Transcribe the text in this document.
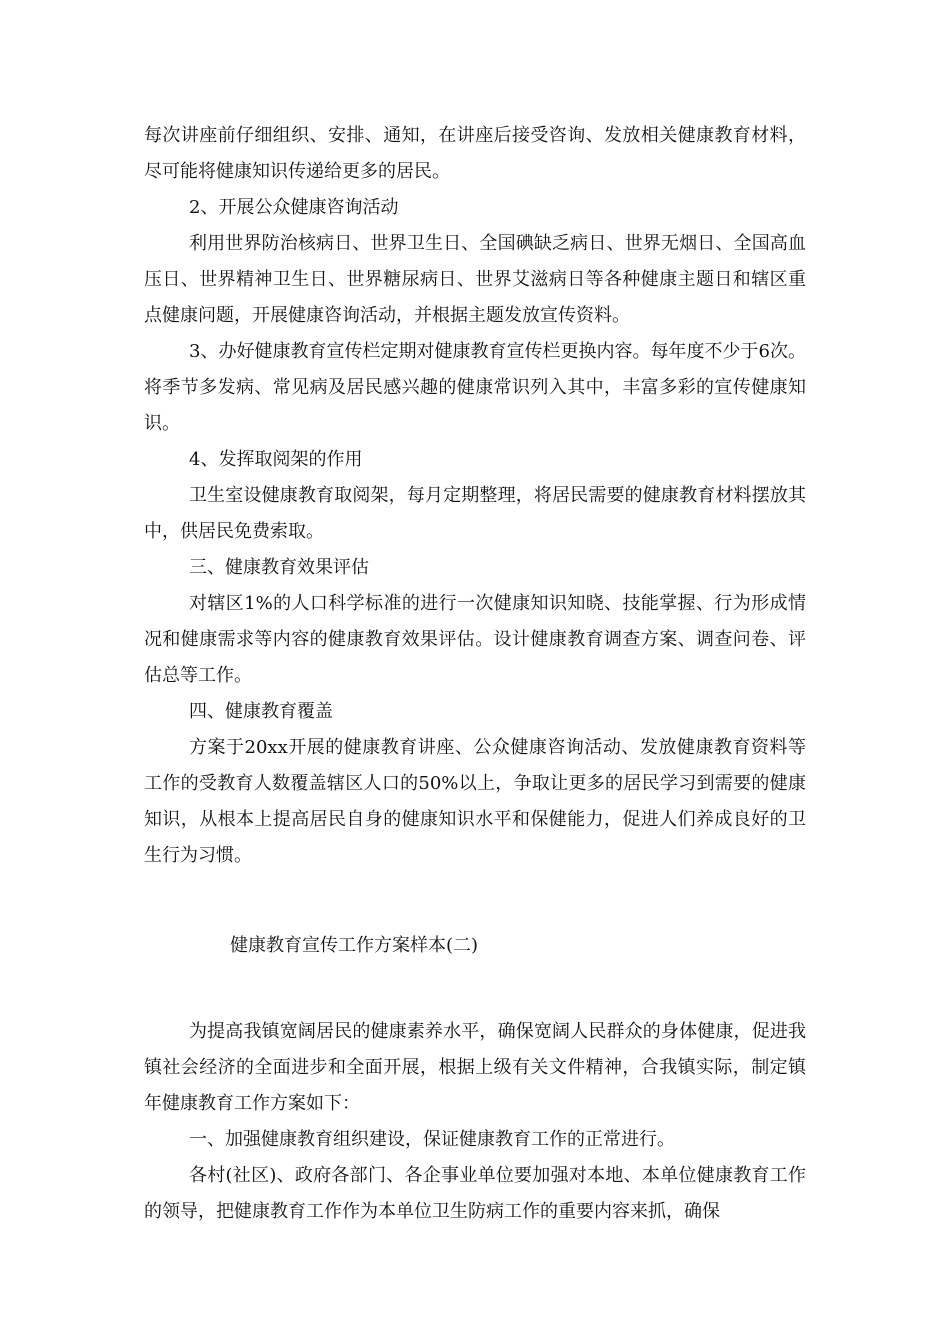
每次讲座前仔细组织、安排、通知，在讲座后接受咨询、发放相关健康教育材料，尽可能将健康知识传递给更多的居民。

2、开展公众健康咨询活动

利用世界防治核病日、世界卫生日、全国碘缺乏病日、世界无烟日、全国高血压日、世界精神卫生日、世界糖尿病日、世界艾滋病日等各种健康主题日和辖区重点健康问题，开展健康咨询活动，并根据主题发放宣传资料。

3、办好健康教育宣传栏定期对健康教育宣传栏更换内容。每年度不少于6次。将季节多发病、常见病及居民感兴趣的健康常识列入其中，丰富多彩的宣传健康知识。

4、发挥取阅架的作用

卫生室设健康教育取阅架，每月定期整理，将居民需要的健康教育材料摆放其中，供居民免费索取。

三、健康教育效果评估

对辖区1%的人口科学标准的进行一次健康知识知晓、技能掌握、行为形成情况和健康需求等内容的健康教育效果评估。设计健康教育调查方案、调查问卷、评估总等工作。

四、健康教育覆盖

方案于20xx开展的健康教育讲座、公众健康咨询活动、发放健康教育资料等工作的受教育人数覆盖辖区人口的50%以上，争取让更多的居民学习到需要的健康知识，从根本上提高居民自身的健康知识水平和保健能力，促进人们养成良好的卫生行为习惯。

健康教育宣传工作方案样本(二)

为提高我镇宽阔居民的健康素养水平，确保宽阔人民群众的身体健康，促进我镇社会经济的全面进步和全面开展，根据上级有关文件精神，合我镇实际，制定镇年健康教育工作方案如下：

一、加强健康教育组织建设，保证健康教育工作的正常进行。

各村(社区)、政府各部门、各企事业单位要加强对本地、本单位健康教育工作的领导，把健康教育工作作为本单位卫生防病工作的重要内容来抓，确保
